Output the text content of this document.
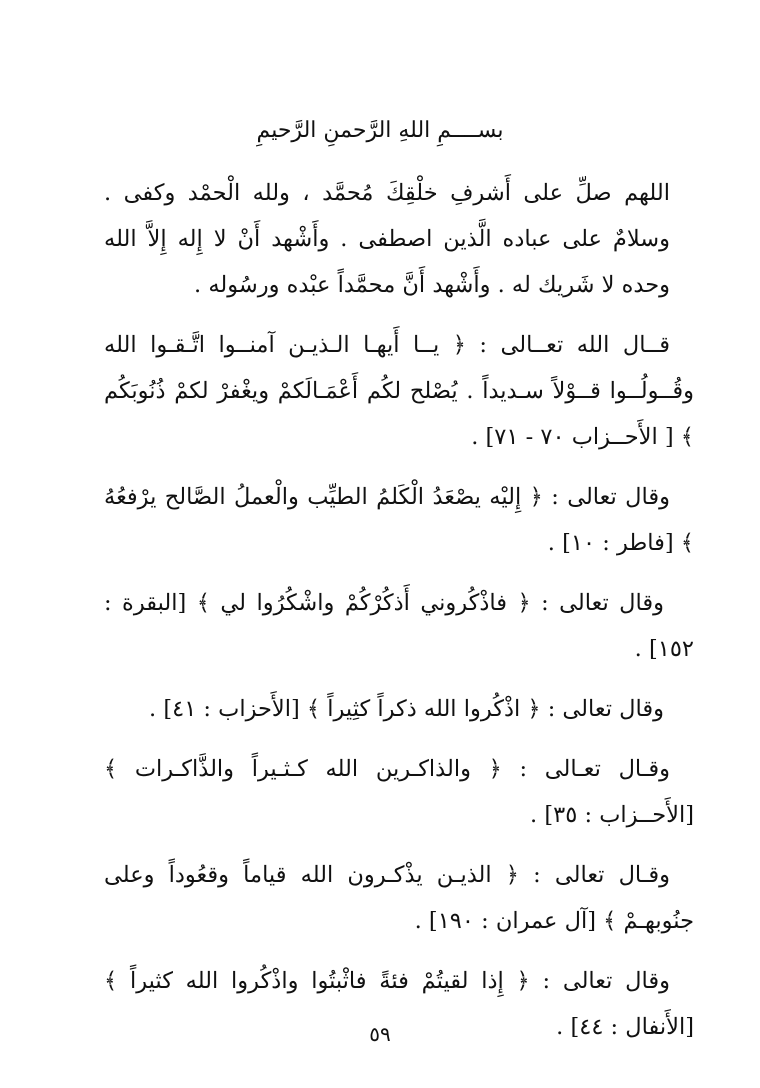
بســــمِ اللهِ الرَّحمنِ الرَّحيمِ

اللهم صلِّ على أَشرفِ خلْقِكَ مُحمَّد ، ولله الْحمْد وكفى . وسلامٌ على عباده الَّذين اصطفى . وأَشْهد أَنْ لا إِله إِلاَّ الله وحده لا شَريك له . وأَشْهد أَنَّ محمَّداً عبْده ورسُوله .

قــال الله تعــالى : ﴿ يــا أَيهـا الـذيـن آمنــوا اتَّـقـوا الله وقُــولُــوا قــوْلاً سـديداً . يُصْلح لكُم أَعْمَـالَكمْ ويغْفرْ لكمْ ذُنُوبَكُم ﴾ [ الأَحــزاب ٧٠ - ٧١] .

وقال تعالى : ﴿ إِليْه يصْعَدُ الْكَلمُ الطيِّب والْعملُ الصَّالح يرْفعُهُ ﴾ [فاطر : ١٠] .

وقال تعالى : ﴿ فاذْكُروني أَذكُرْكُمْ واشْكُرُوا لي ﴾ [البقرة : ١٥٢] .

وقال تعالى : ﴿ اذْكُروا الله ذكراً كثِيراً ﴾ [الأَحزاب : ٤١] .

وقـال تعـالى : ﴿ والذاكـرين الله كـثـيراً والذَّاكـرات ﴾ [الأَحــزاب : ٣٥] .

وقـال تعالى : ﴿ الذيـن يذْكـرون الله قياماً وقعُوداً وعلى جنُوبهـمْ ﴾ [آل عمران : ١٩٠] .

وقال تعالى : ﴿ إِذا لقيتُمْ فئةً فاثْبتُوا واذْكُروا الله كثيراً ﴾ [الأَنفال : ٤٤] .

٥٩
